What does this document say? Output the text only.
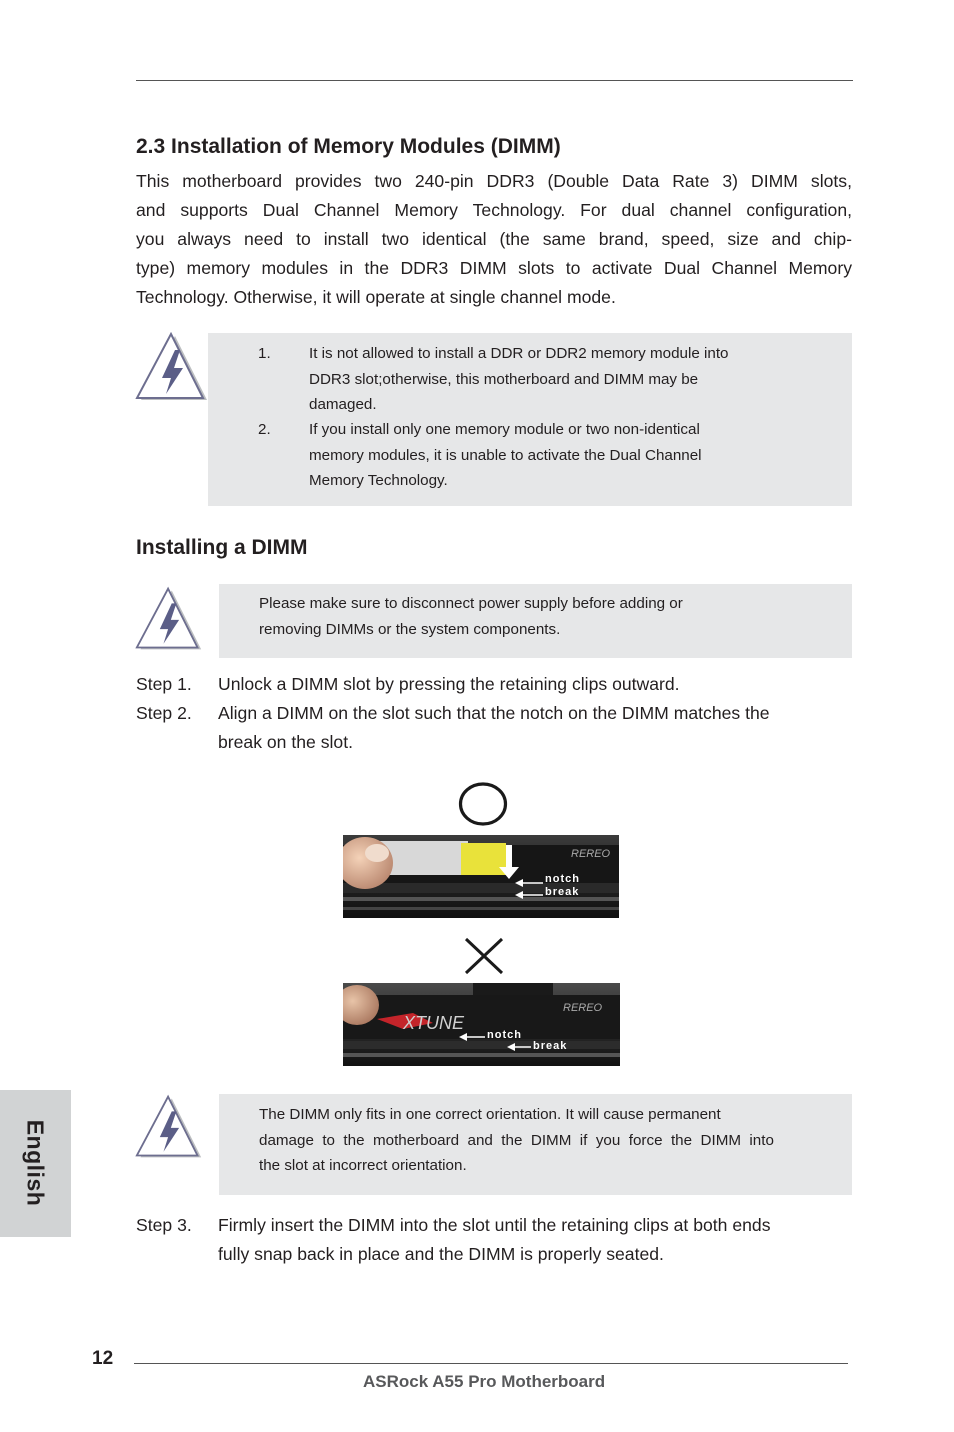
2.3 Installation of Memory Modules (DIMM)

This motherboard provides two 240-pin DDR3 (Double Data Rate 3) DIMM slots,

and supports Dual Channel Memory Technology. For dual channel configuration,

you always need to install two identical (the same brand, speed, size and chip-

type) memory modules in the DDR3 DIMM slots to activate Dual Channel Memory

Technology. Otherwise, it will operate at single channel mode.

1.	It is not allowed to install a DDR or DDR2 memory module into
DDR3 slot;otherwise, this motherboard and DIMM may be
damaged.
2.	If you install only one memory module or two non-identical
memory modules, it is unable to activate the Dual Channel
Memory Technology.
Installing a DIMM
Please make sure to disconnect power supply before adding or
removing DIMMs or the system components.
Step 1.	Unlock a DIMM slot by pressing the retaining clips outward.
Step 2.	Align a DIMM on the slot such that the notch on the DIMM matches the
break on the slot.
REREO
notch
break
XTUNE
REREO
notch
break
The DIMM only fits in one correct orientation. It will cause permanent
damage  to  the  motherboard  and  the  DIMM  if  you  force  the  DIMM  into
the slot at incorrect orientation.
Step 3.	Firmly insert the DIMM into the slot until the retaining clips at both ends
fully snap back in place and the DIMM is properly seated.
English
12
ASRock A55 Pro Motherboard
